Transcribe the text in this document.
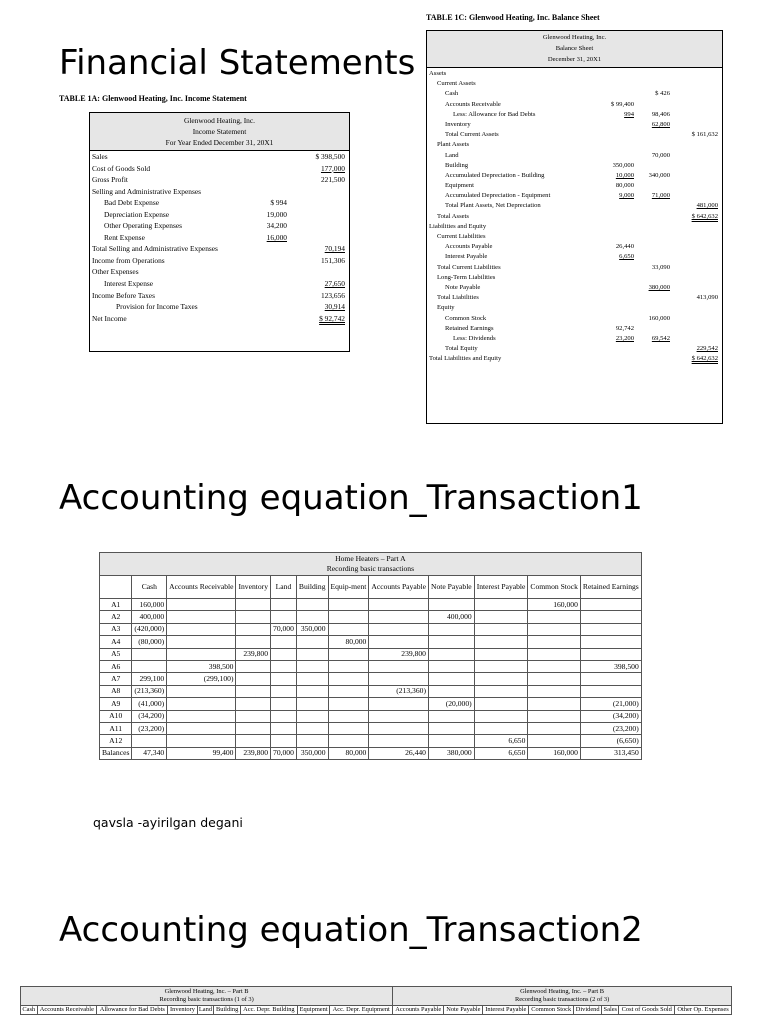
Financial Statements
Accounting equation_Transaction1
Accounting equation_Transaction2
TABLE 1A: Glenwood Heating, Inc. Income Statement
Glenwood Heating, Inc.
Income Statement
For Year Ended December 31, 20X1
Sales	$ 398,500
Cost of Goods Sold	177,000
Gross Profit	221,500
Selling and Administrative Expenses
Bad Debt Expense	$ 994
Depreciation Expense	19,000
Other Operating Expenses	34,200
Rent Expense	16,000
Total Selling and Administrative Expenses	70,194
Income from Operations	151,306
Other Expenses
Interest Expense	27,650
Income Before Taxes	123,656
Provision for Income Taxes	30,914
Net Income	$ 92,742
TABLE 1C: Glenwood Heating, Inc. Balance Sheet
Glenwood Heating, Inc.
Balance Sheet
December 31, 20X1
Assets
Current Assets
Cash	$ 426
Accounts Receivable	$ 99,400
Less: Allowance for Bad Debts	994	98,406
Inventory	62,800
Total Current Assets	$ 161,632
Plant Assets
Land	70,000
Building	350,000
Accumulated Depreciation - Building	10,000 340,000
Equipment	80,000
Accumulated Depreciation - Equipment	9,000	71,000
Total Plant Assets, Net Depreciation	481,000
Total Assets	$ 642,632
Liabilities and Equity
Current Liabilities
Accounts Payable	26,440
Interest Payable	6,650
Total Current Liabilities	33,090
Long-Term Liabilities
Note Payable	380,000
Total Liabilities	413,090
Equity
Common Stock	160,000
Retained Earnings	92,742
Less: Dividends	23,200	69,542
Total Equity	229,542
Total Liabilities and Equity	$ 642,632
Home Heaters – Part A
Recording basic transactions											
	Cash	Accounts Receivable	Inventory	Land	Building	Equip-ment	Accounts Payable	Note Payable	Interest Payable	Common Stock	Retained Earnings
A1	160,000									160,000	
A2	400,000							400,000			
A3	(420,000)			70,000	350,000						
A4	(80,000)					80,000					
A5			239,800				239,800				
A6		398,500									398,500
A7	299,100	(299,100)									
A8	(213,360)						(213,360)				
A9	(41,000)							(20,000)			(21,000)
A10	(34,200)										(34,200)
A11	(23,200)										(23,200)
A12									6,650		(6,650)
Balances	47,340	99,400	239,800	70,000	350,000	80,000	26,440	380,000	6,650	160,000	313,450
qavsla -ayirilgan degani
Glenwood Heating, Inc. – Part B
Recording basic transactions (1 of 3)									Glenwood Heating, Inc. – Part B
Recording basic transactions (2 of 3)							
Cash	Accounts Receivable	Allowance for Bad Debts	Inventory	Land	Building	Acc. Depr. Building	Equipment	Acc. Depr. Equipment	Accounts Payable	Note Payable	Interest Payable	Common Stock	Dividend	Sales	Cost of Goods Sold	Other Op. Expenses
